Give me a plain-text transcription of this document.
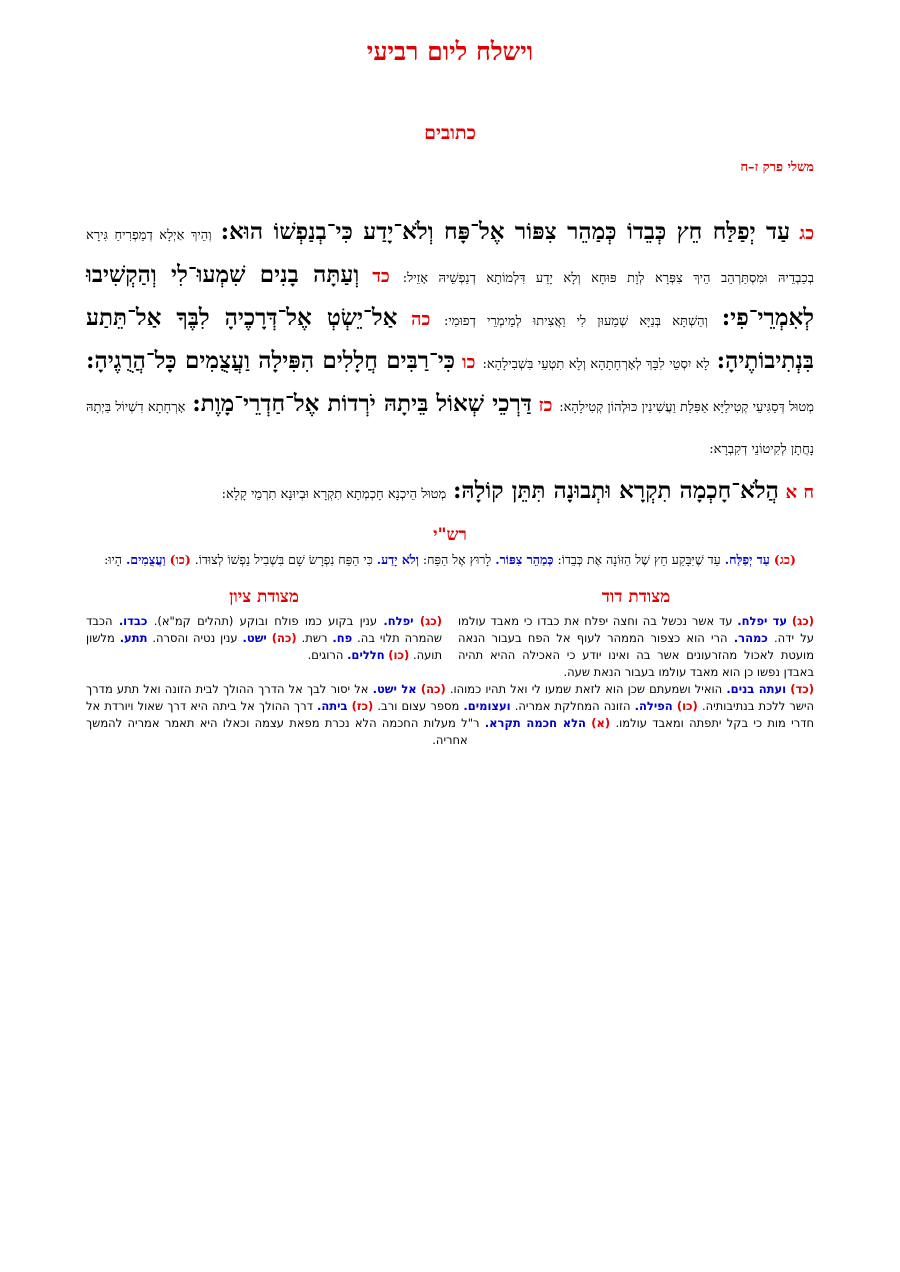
וישלח ליום רביעי
כתובים
משלי פרק ז–ח

כג עַד יְפַלַּח חֵץ כְּבֵדוֹ כְּמַהֵר צִפּוֹר אֶל־פָּח וְלֹא־יָדַע כִּי־בְנַפְשׁוֹ הוּא: וְהֵיךְ אַיְלָא דְמַפְרִיחַ גִּירָא בְכַבְדֵיהּ וּמִסְתַּרְהֵב הֵיךְ צִפְּרָא לְוָת פּוּחָא וְלָא יָדַע דִּלְמוֹתָא דְנַפְשֵׁיהּ אָזֵיל: כד וְעַתָּה בָנִים שִׁמְעוּ־לִי וְהַקְשִׁיבוּ לְאִמְרֵי־פִי: וְהַשְׁתָּא בְּנַיָּא שְׁמַעוּן לִי וַאֲצִיתוּ לְמֵימְרֵי דְפוּמִי: כה אַל־יֵשְׂטְ אֶל־דְּרָכֶיהָ לִבֶּךָ אַל־תֵּתַע בִּנְתִיבוֹתֶיהָ: לָא יִסְטֵי לִבָּךְ לְאָרְחָתָהָא וְלָא תִטְעֵי בִּשְׁבִילָהָא: כו כִּי־רַבִּים חֲלָלִים הִפִּילָה וַעֲצֻמִים כָּל־הֲרֻגֶיהָ: מְטוּל דְּסַגִּיעֵי קְטִילַיָּא אַפִּלַת וַעֲשִׁינִין כּוּלְהוֹן קְטִילָהָא: כז דַּרְכֵי שְׁאוֹל בֵּיתָהּ יֹרְדוֹת אֶל־חַדְרֵי־מָוֶת: אָרְחָתָא דִשְׁיוֹל בַּיְתָהּ נָחֲתָן לְקִיטוֹנֵי דְקִבְרָא:

ח א הֲלֹא־חָכְמָה תִקְרָא וּתְבוּנָה תִּתֵּן קוֹלָהּ: מְטוּל הֵיכְנָא חָכְמְתָא תִקְרָא וּבְיוּנָא תִרְמֵי קָלָא:

רש"י
(כג) עַד יְפַלַּח. עַד שֶׁיִּבָּקַע חֵץ שֶׁל הַזּוֹנָה אֶת כְּבֵדוֹ: כְּמַהֵר צִפּוֹר. לָרוּץ אֶל הַפַּח: וְלֹא יָדַע. כִּי הַפַּח נִפְרָשׂ שָׁם בִּשְׁבִיל נַפְשׁוֹ לְצוּדוֹ. (כו) וַעֲצֻמִים. הָיוּ:
מצודת דוד
(כג) עד יפלח. עד אשר נכשל בה וחצה יפלח את כבדו כי מאבד עולמו על ידה. כמהר. הרי הוא כצפור הממהר לעוף אל הפח בעבור הנאה מועטת לאכול מהזרעונים אשר בה ואינו יודע כי האכילה ההיא תהיה באבדן נפשו כן הוא מאבד עולמו בעבור הנאת שעה.
מצודת ציון
(כג) יפלח. ענין בקוע כמו פולח ובוקע (תהלים קמ"א). כבדו. הכבד שהמרה תלוי בה. פח. רשת. (כה) ישט. ענין נטיה והסרה. תתע. מלשון תועה. (כו) חללים. הרוגים.
(כד) ועתה בנים. הואיל ושמעתם שכן הוא לזאת שמעו לי ואל תהיו כמוהו. (כה) אל ישט. אל יסור לבך אל הדרך ההולך לבית הזונה ואל תתע מדרך הישר ללכת בנתיבותיה. (כו) הפילה. הזונה המחלקת אמריה. ועצומים. מספר עצום ורב. (כז) ביתה. דרך ההולך אל ביתה היא דרך שאול ויורדת אל חדרי מות כי בקל יתפתה ומאבד עולמו. (א) הלא חכמה תקרא. ר"ל מעלות החכמה הלא נכרת מפאת עצמה וכאלו היא תאמר אמריה להמשך אחריה.
